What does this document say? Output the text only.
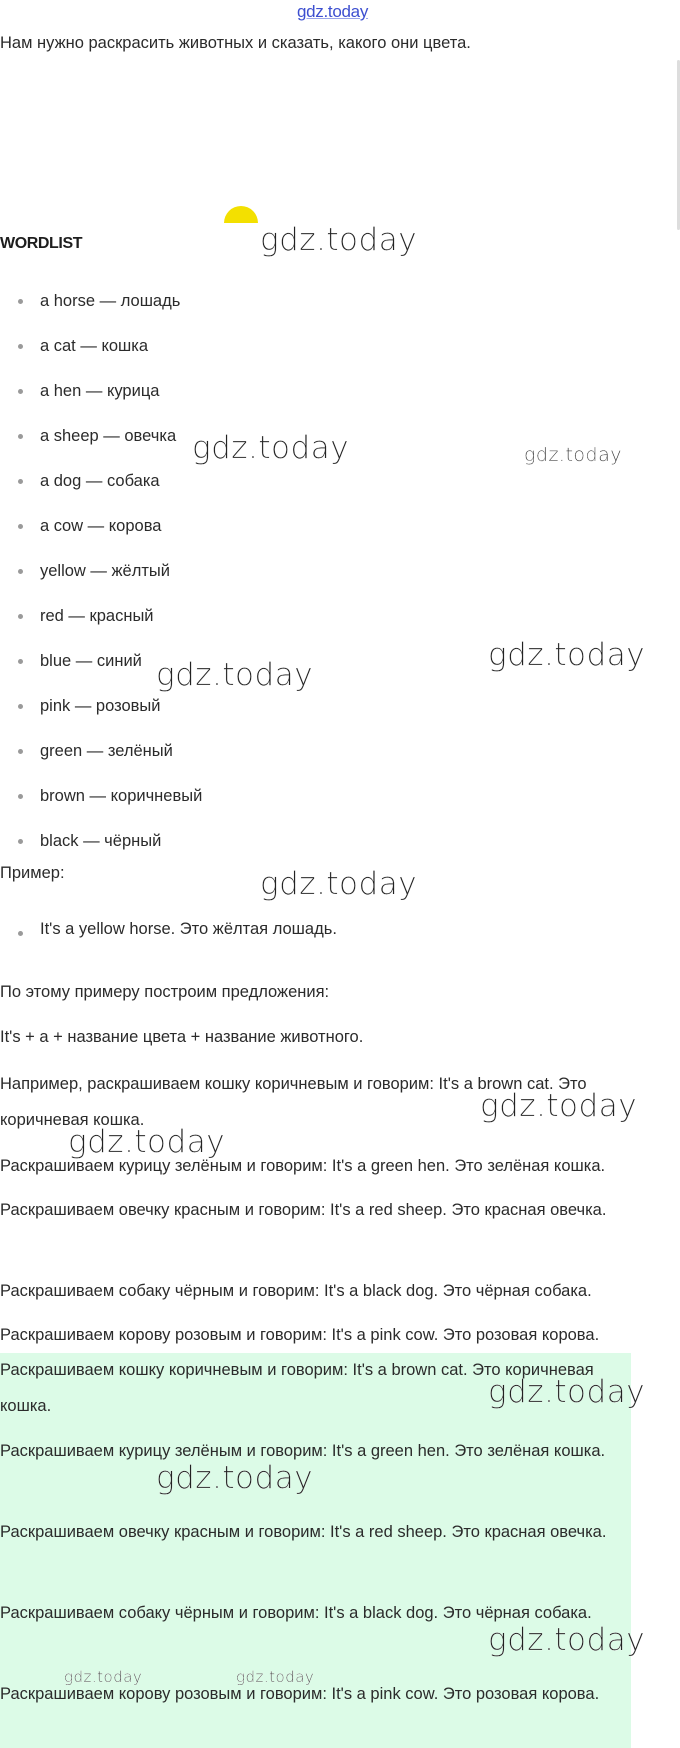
gdz.today
Нам нужно раскрасить животных и сказать, какого они цвета.
WORDLIST
a horse — лошадь
a cat — кошка
a hen — курица
a sheep — овечка
a dog — собака
a cow — корова
yellow — жёлтый
red — красный
blue — синий
pink — розовый
green — зелёный
brown — коричневый
black — чёрный
Пример:
It's a yellow horse. Это жёлтая лошадь.
По этому примеру построим предложения:
It's + a + название цвета + название животного.
Например, раскрашиваем кошку коричневым и говорим: It's a brown cat. Это коричневая кошка.
Раскрашиваем курицу зелёным и говорим: It's a green hen. Это зелёная кошка.
Раскрашиваем овечку красным и говорим: It's a red sheep. Это красная овечка.
Раскрашиваем собаку чёрным и говорим: It's a black dog. Это чёрная собака.
Раскрашиваем корову розовым и говорим: It's a pink cow. Это розовая корова.
Раскрашиваем кошку коричневым и говорим: It's a brown cat. Это коричневая кошка.
Раскрашиваем курицу зелёным и говорим: It's a green hen. Это зелёная кошка.
Раскрашиваем овечку красным и говорим: It's a red sheep. Это красная овечка.
Раскрашиваем собаку чёрным и говорим: It's a black dog. Это чёрная собака.
Раскрашиваем корову розовым и говорим: It's a pink cow. Это розовая корова.
gdz.today
gdz.today	gdz.today
gdz.today
gdz.today
gdz.today
gdz.today
gdz.today
gdz.today
gdz.today
gdz.today
gdz.today	gdz.today
